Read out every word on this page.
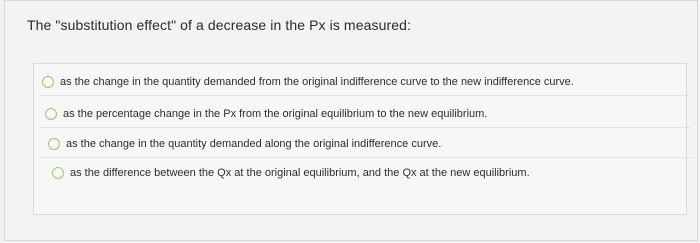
The "substitution effect" of a decrease in the Px is measured:
as the change in the quantity demanded from the original indifference curve to the new indifference curve.
as the percentage change in the Px from the original equilibrium to the new equilibrium.
as the change in the quantity demanded along the original indifference curve.
as the difference between the Qx at the original equilibrium, and the Qx at the new equilibrium.
